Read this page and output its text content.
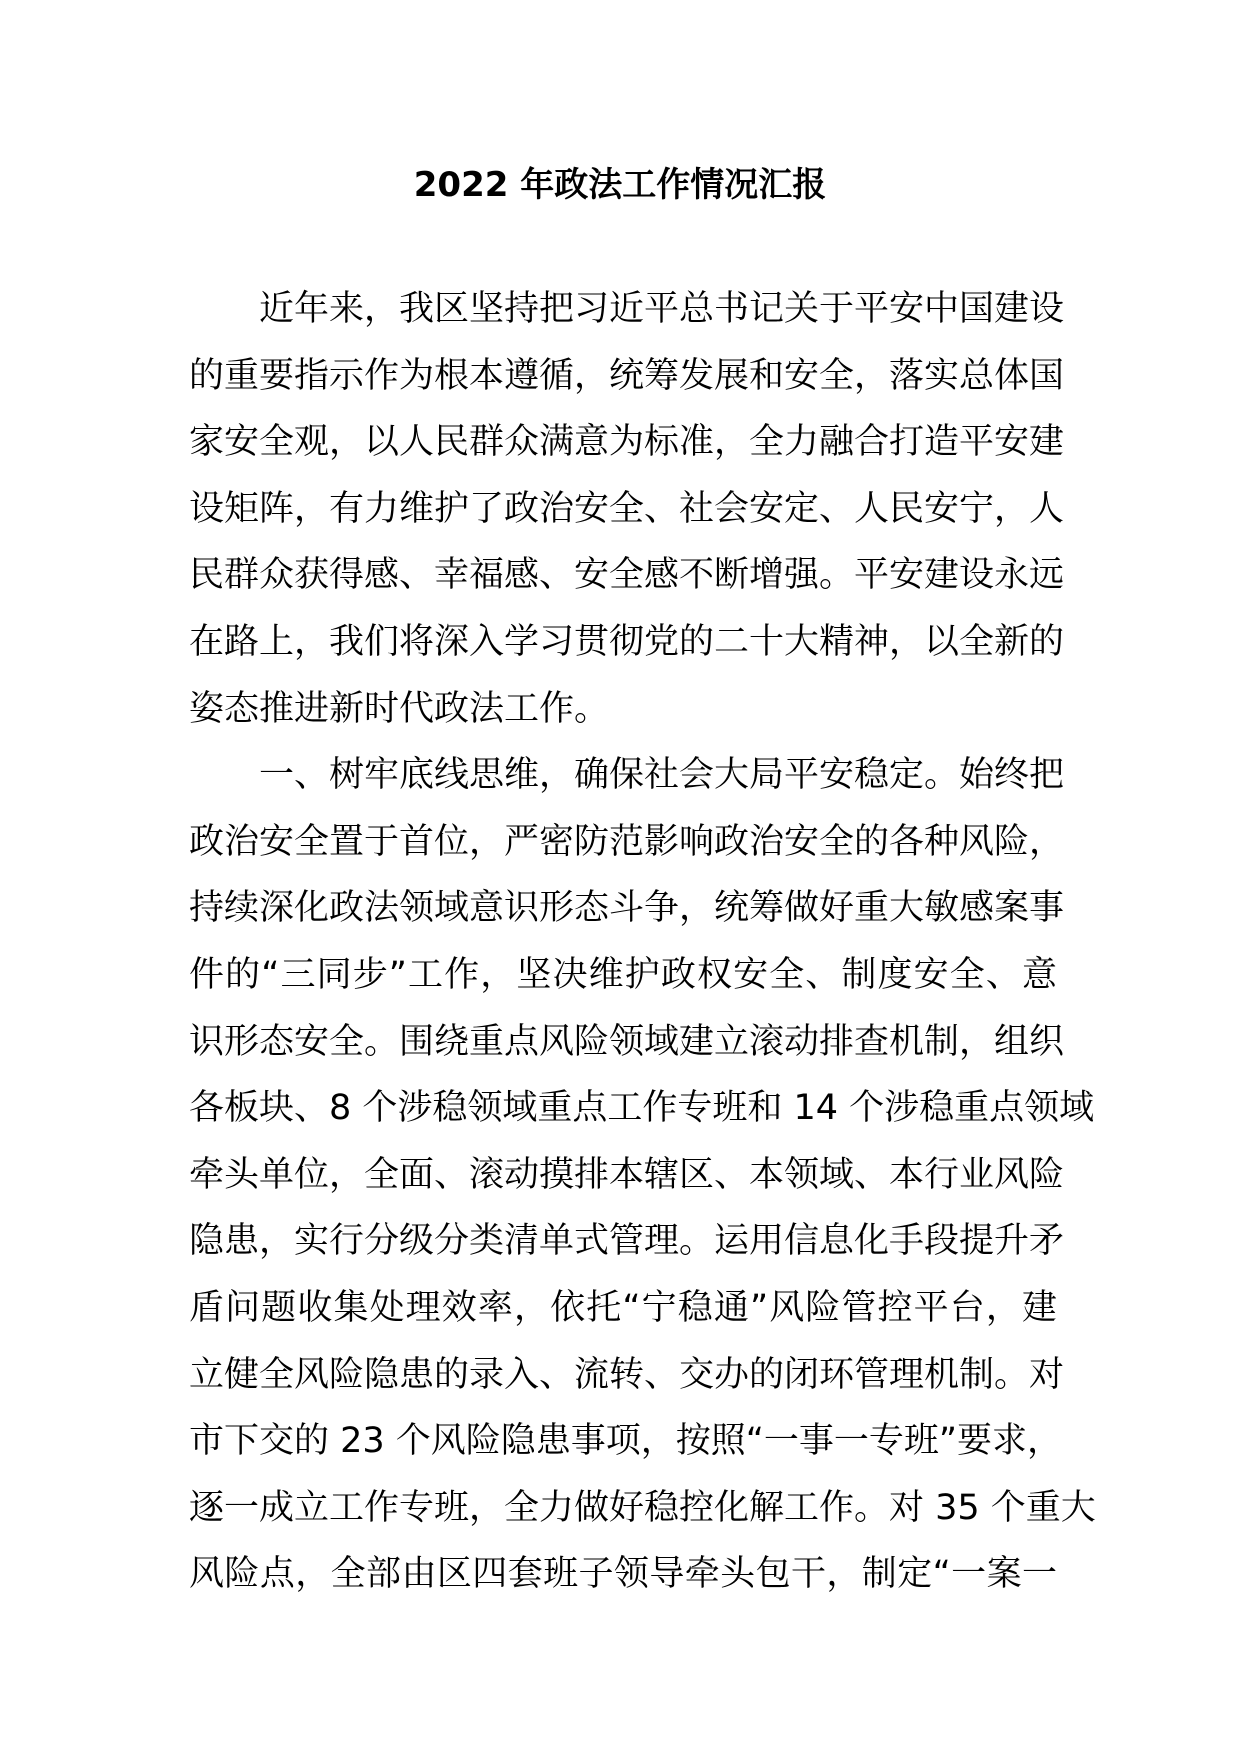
2022 年政法工作情况汇报
近年来，我区坚持把习近平总书记关于平安中国建设
的重要指示作为根本遵循，统筹发展和安全，落实总体国
家安全观，以人民群众满意为标准，全力融合打造平安建
设矩阵，有力维护了政治安全、社会安定、人民安宁，人
民群众获得感、幸福感、安全感不断增强。平安建设永远
在路上，我们将深入学习贯彻党的二十大精神，以全新的
姿态推进新时代政法工作。
一、树牢底线思维，确保社会大局平安稳定。始终把
政治安全置于首位，严密防范影响政治安全的各种风险，
持续深化政法领域意识形态斗争，统筹做好重大敏感案事
件的“三同步”工作，坚决维护政权安全、制度安全、意
识形态安全。围绕重点风险领域建立滚动排查机制，组织
各板块、8 个涉稳领域重点工作专班和 14 个涉稳重点领域
牵头单位，全面、滚动摸排本辖区、本领域、本行业风险
隐患，实行分级分类清单式管理。运用信息化手段提升矛
盾问题收集处理效率，依托“宁稳通”风险管控平台，建
立健全风险隐患的录入、流转、交办的闭环管理机制。对
市下交的 23 个风险隐患事项，按照“一事一专班”要求，
逐一成立工作专班，全力做好稳控化解工作。对 35 个重大
风险点，全部由区四套班子领导牵头包干，制定“一案一
